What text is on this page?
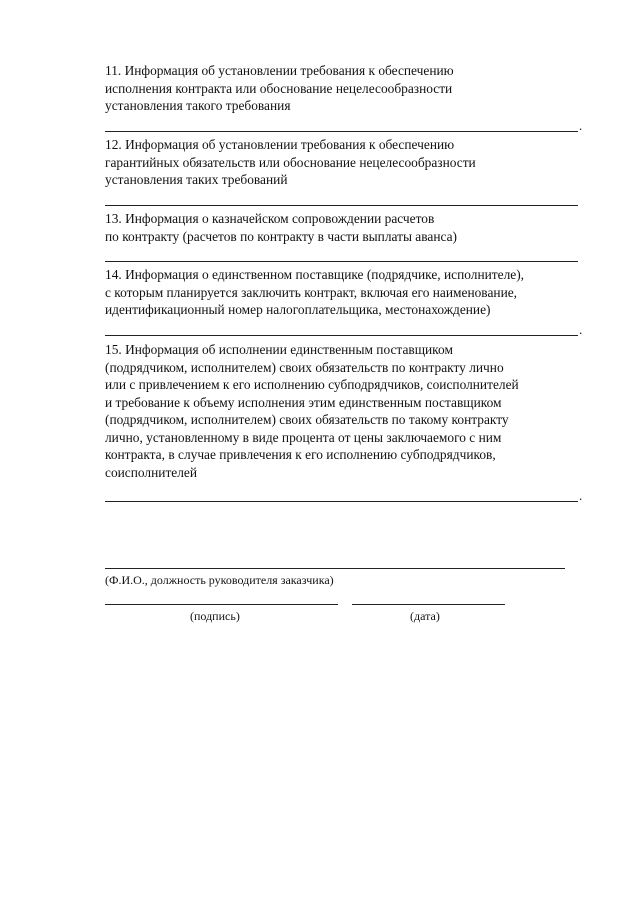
11. Информация об установлении требования к обеспечению
исполнения контракта или обоснование нецелесообразности
установления такого требования
.
12. Информация об установлении требования к обеспечению
гарантийных обязательств или обоснование нецелесообразности
установления таких требований
13. Информация о казначейском сопровождении расчетов
по контракту (расчетов по контракту в части выплаты аванса)
14. Информация о единственном поставщике (подрядчике, исполнителе),
с которым планируется заключить контракт, включая его наименование,
идентификационный номер налогоплательщика, местонахождение)
.
15. Информация об исполнении единственным поставщиком
(подрядчиком, исполнителем) своих обязательств по контракту лично
или с привлечением к его исполнению субподрядчиков, соисполнителей
и требование к объему исполнения этим единственным поставщиком
(подрядчиком, исполнителем) своих обязательств по такому контракту
лично, установленному в виде процента от цены заключаемого с ним
контракта, в случае привлечения к его исполнению субподрядчиков,
соисполнителей
.
(Ф.И.О., должность руководителя заказчика)
(подпись)	(дата)
